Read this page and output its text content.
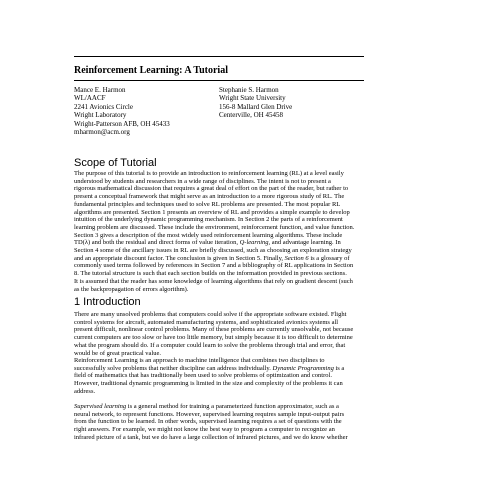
Reinforcement Learning: A Tutorial
Mance E. Harmon
WL/AACF
2241 Avionics Circle
Wright Laboratory
Wright-Patterson AFB, OH 45433
mharmon@acm.org
Stephanie S. Harmon
Wright State University
156-8 Mallard Glen Drive
Centerville, OH 45458
Scope of Tutorial
The purpose of this tutorial is to provide an introduction to reinforcement learning (RL) at a level easily
understood by students and researchers in a wide range of disciplines. The intent is not to present a
rigorous mathematical discussion that requires a great deal of effort on the part of the reader, but rather to
present a conceptual framework that might serve as an introduction to a more rigorous study of RL. The
fundamental principles and techniques used to solve RL problems are presented. The most popular RL
algorithms are presented. Section 1 presents an overview of RL and provides a simple example to develop
intuition of the underlying dynamic programming mechanism. In Section 2 the parts of a reinforcement
learning problem are discussed. These include the environment, reinforcement function, and value function.
Section 3 gives a description of the most widely used reinforcement learning algorithms. These include
TD(λ) and both the residual and direct forms of value iteration, Q-learning, and advantage learning. In
Section 4 some of the ancillary issues in RL are briefly discussed, such as choosing an exploration strategy
and an appropriate discount factor. The conclusion is given in Section 5. Finally, Section 6 is a glossary of
commonly used terms followed by references in Section 7 and a bibliography of RL applications in Section
8. The tutorial structure is such that each section builds on the information provided in previous sections.
It is assumed that the reader has some knowledge of learning algorithms that rely on gradient descent (such
as the backpropagation of errors algorithm).
1 Introduction
There are many unsolved problems that computers could solve if the appropriate software existed. Flight
control systems for aircraft, automated manufacturing systems, and sophisticated avionics systems all
present difficult, nonlinear control problems. Many of these problems are currently unsolvable, not because
current computers are too slow or have too little memory, but simply because it is too difficult to determine
what the program should do. If a computer could learn to solve the problems through trial and error, that
would be of great practical value.
Reinforcement Learning is an approach to machine intelligence that combines two disciplines to
successfully solve problems that neither discipline can address individually. Dynamic Programming is a
field of mathematics that has traditionally been used to solve problems of optimization and control.
However, traditional dynamic programming is limited in the size and complexity of the problems it can
address.
Supervised learning is a general method for training a parameterized function approximator, such as a
neural network, to represent functions. However, supervised learning requires sample input-output pairs
from the function to be learned. In other words, supervised learning requires a set of questions with the
right answers. For example, we might not know the best way to program a computer to recognize an
infrared picture of a tank, but we do have a large collection of infrared pictures, and we do know whether
